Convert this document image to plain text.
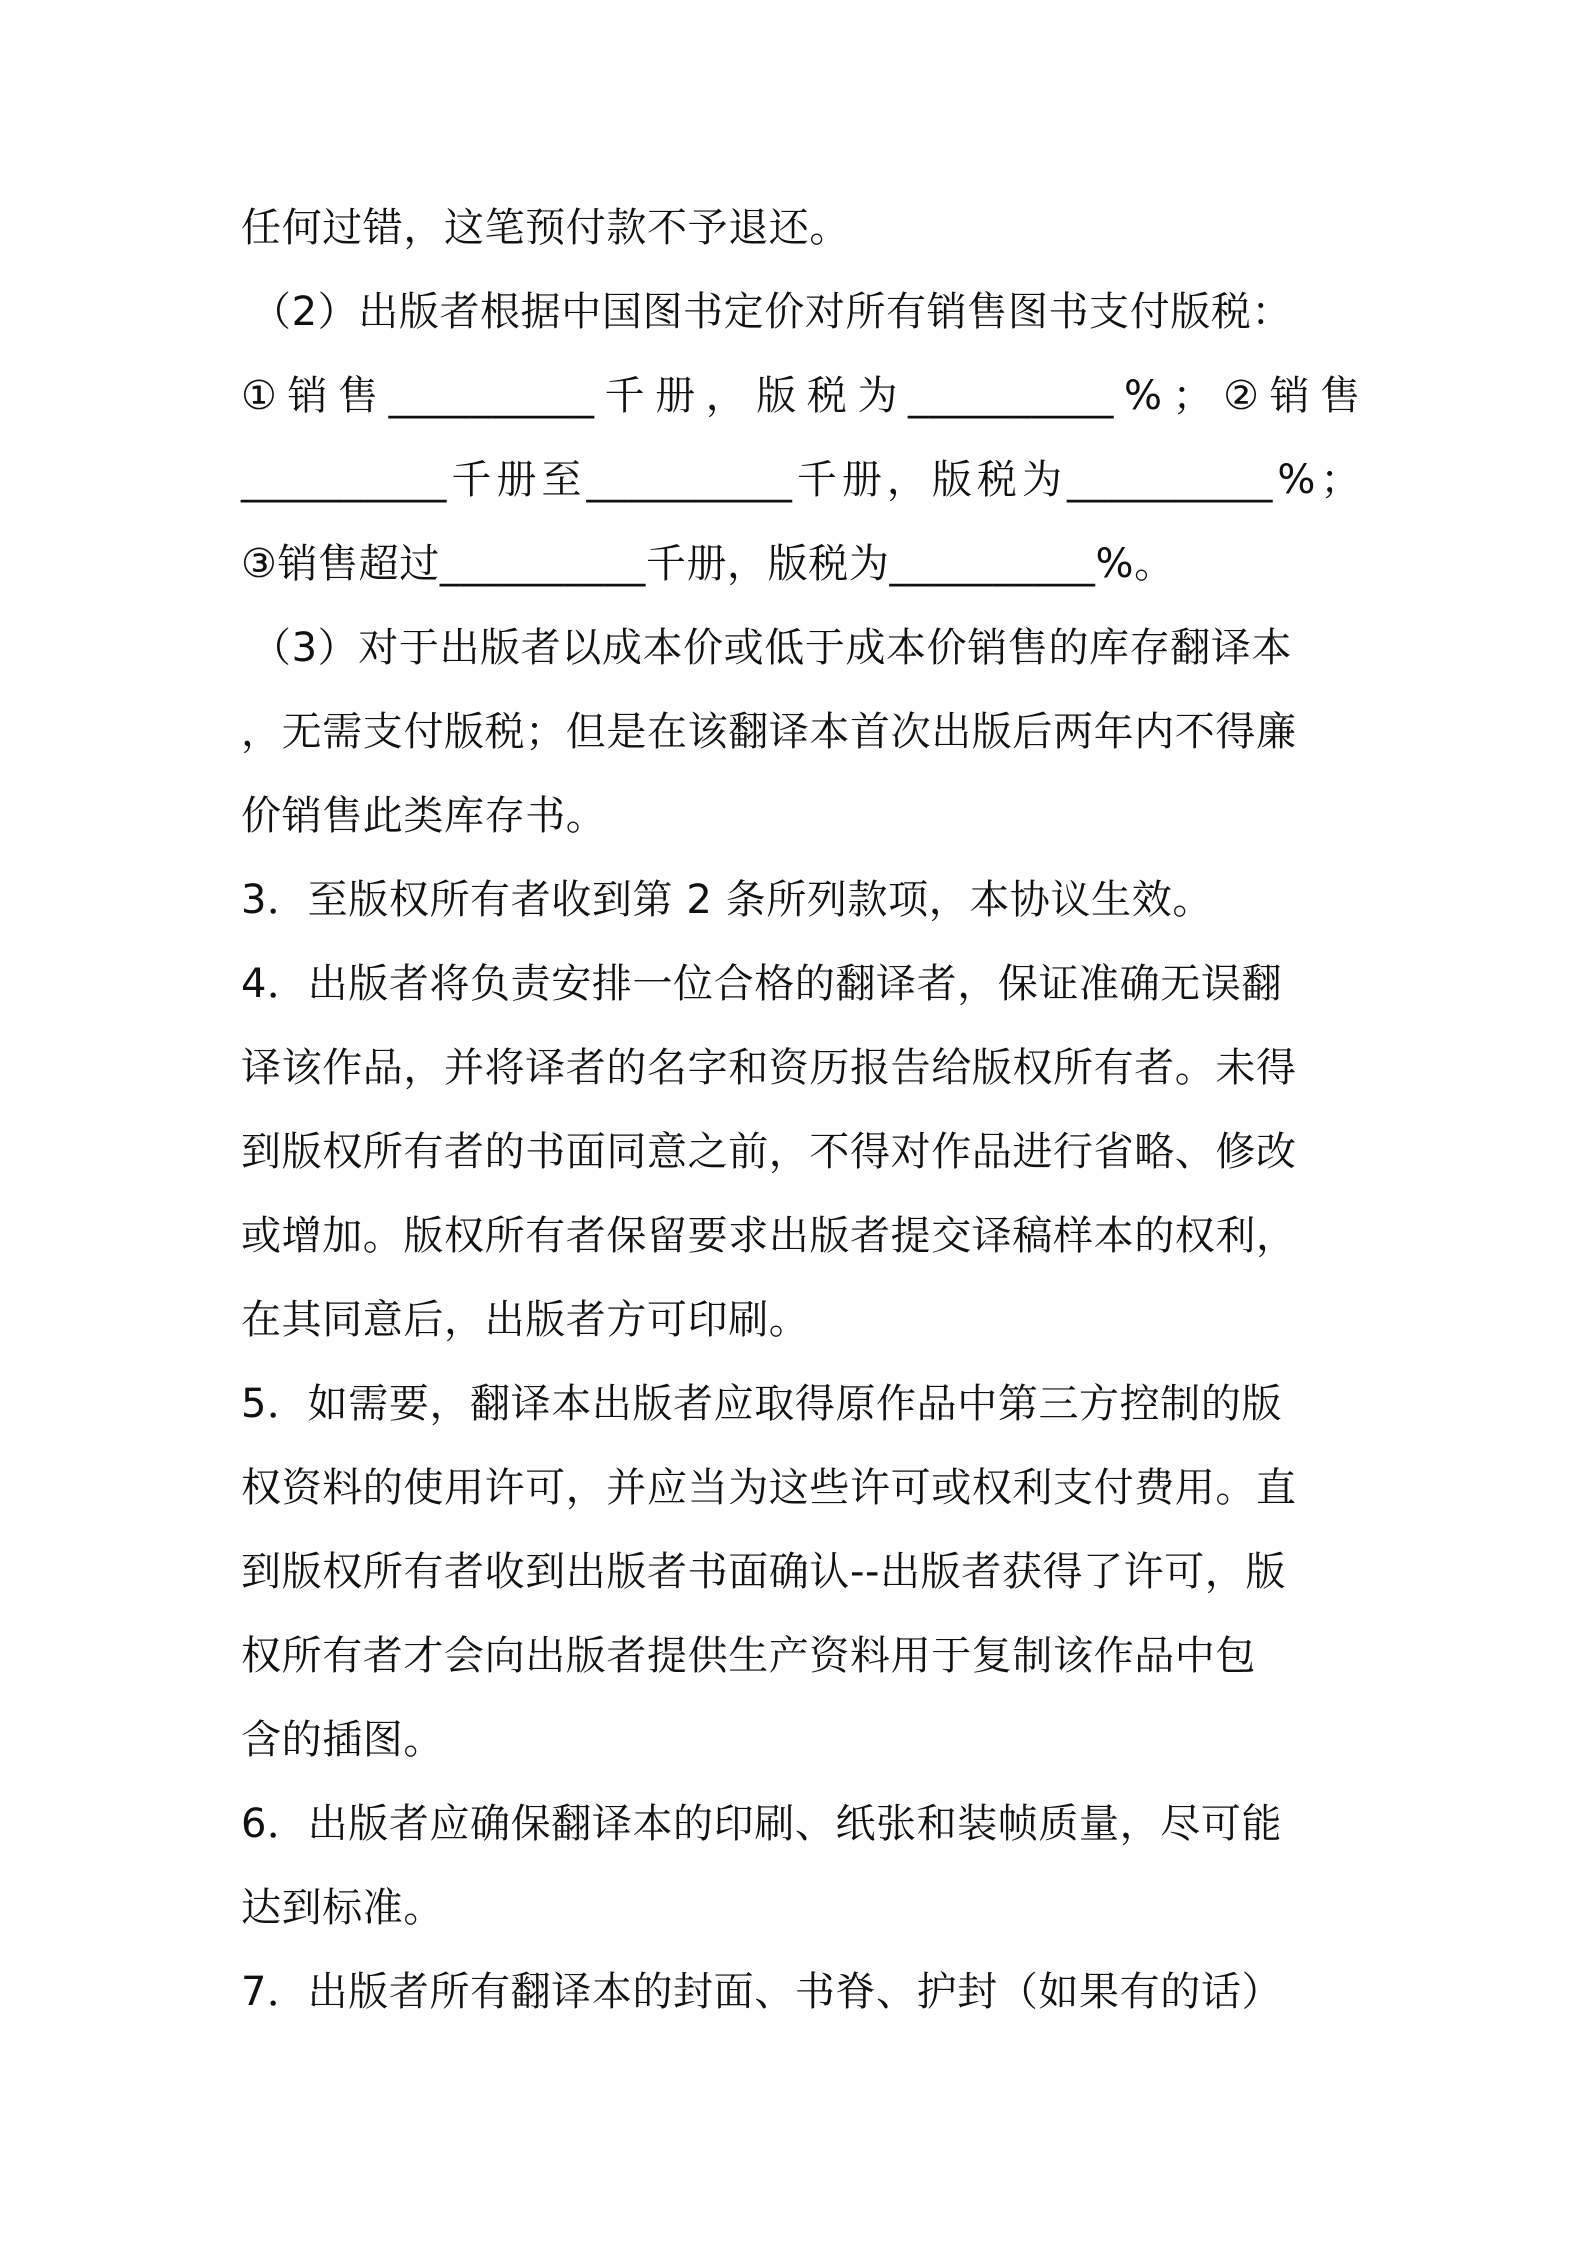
任何过错，这笔预付款不予退还。
（2）出版者根据中国图书定价对所有销售图书支付版税：
① 销 售 __________ 千 册 ， 版 税 为 __________ % ； ② 销 售
__________ 千 册 至 __________ 千 册 ， 版 税 为 __________ % ；
③销售超过__________千册，版税为__________%。
（3）对于出版者以成本价或低于成本价销售的库存翻译本
，无需支付版税；但是在该翻译本首次出版后两年内不得廉
价销售此类库存书。
3．至版权所有者收到第 2 条所列款项，本协议生效。
4．出版者将负责安排一位合格的翻译者，保证准确无误翻
译该作品，并将译者的名字和资历报告给版权所有者。未得
到版权所有者的书面同意之前，不得对作品进行省略、修改
或增加。版权所有者保留要求出版者提交译稿样本的权利，
在其同意后，出版者方可印刷。
5．如需要，翻译本出版者应取得原作品中第三方控制的版
权资料的使用许可，并应当为这些许可或权利支付费用。直
到版权所有者收到出版者书面确认--出版者获得了许可，版
权所有者才会向出版者提供生产资料用于复制该作品中包
含的插图。
6．出版者应确保翻译本的印刷、纸张和装帧质量，尽可能
达到标准。
7．出版者所有翻译本的封面、书脊、护封（如果有的话）
